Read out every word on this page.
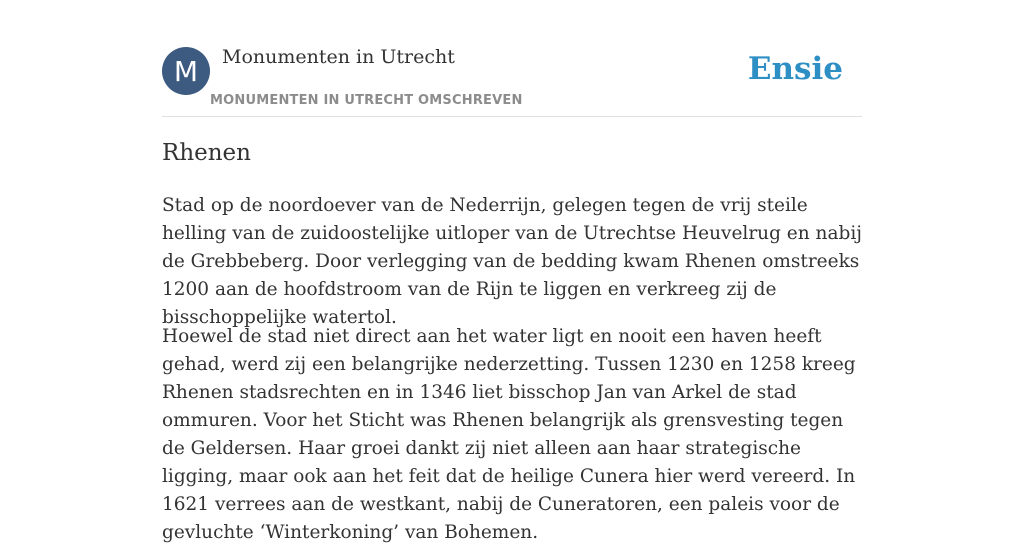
M	Monumenten in Utrecht
MONUMENTEN IN UTRECHT OMSCHREVEN
Ensie
Rhenen

Stad op de noordoever van de Nederrijn, gelegen tegen de vrij steile helling van de zuidoostelijke uitloper van de Utrechtse Heuvelrug en nabij de Grebbeberg. Door verlegging van de bedding kwam Rhenen omstreeks 1200 aan de hoofdstroom van de Rijn te liggen en verkreeg zij de bisschoppelijke watertol.

Hoewel de stad niet direct aan het water ligt en nooit een haven heeft gehad, werd zij een belangrijke nederzetting. Tussen 1230 en 1258 kreeg Rhenen stadsrechten en in 1346 liet bisschop Jan van Arkel de stad ommuren. Voor het Sticht was Rhenen belangrijk als grensvesting tegen de Geldersen. Haar groei dankt zij niet alleen aan haar strategische ligging, maar ook aan het feit dat de heilige Cunera hier werd vereerd. In 1621 verrees aan de westkant, nabij de Cuneratoren, een paleis voor de gevluchte ‘Winterkoning’ van Bohemen.
